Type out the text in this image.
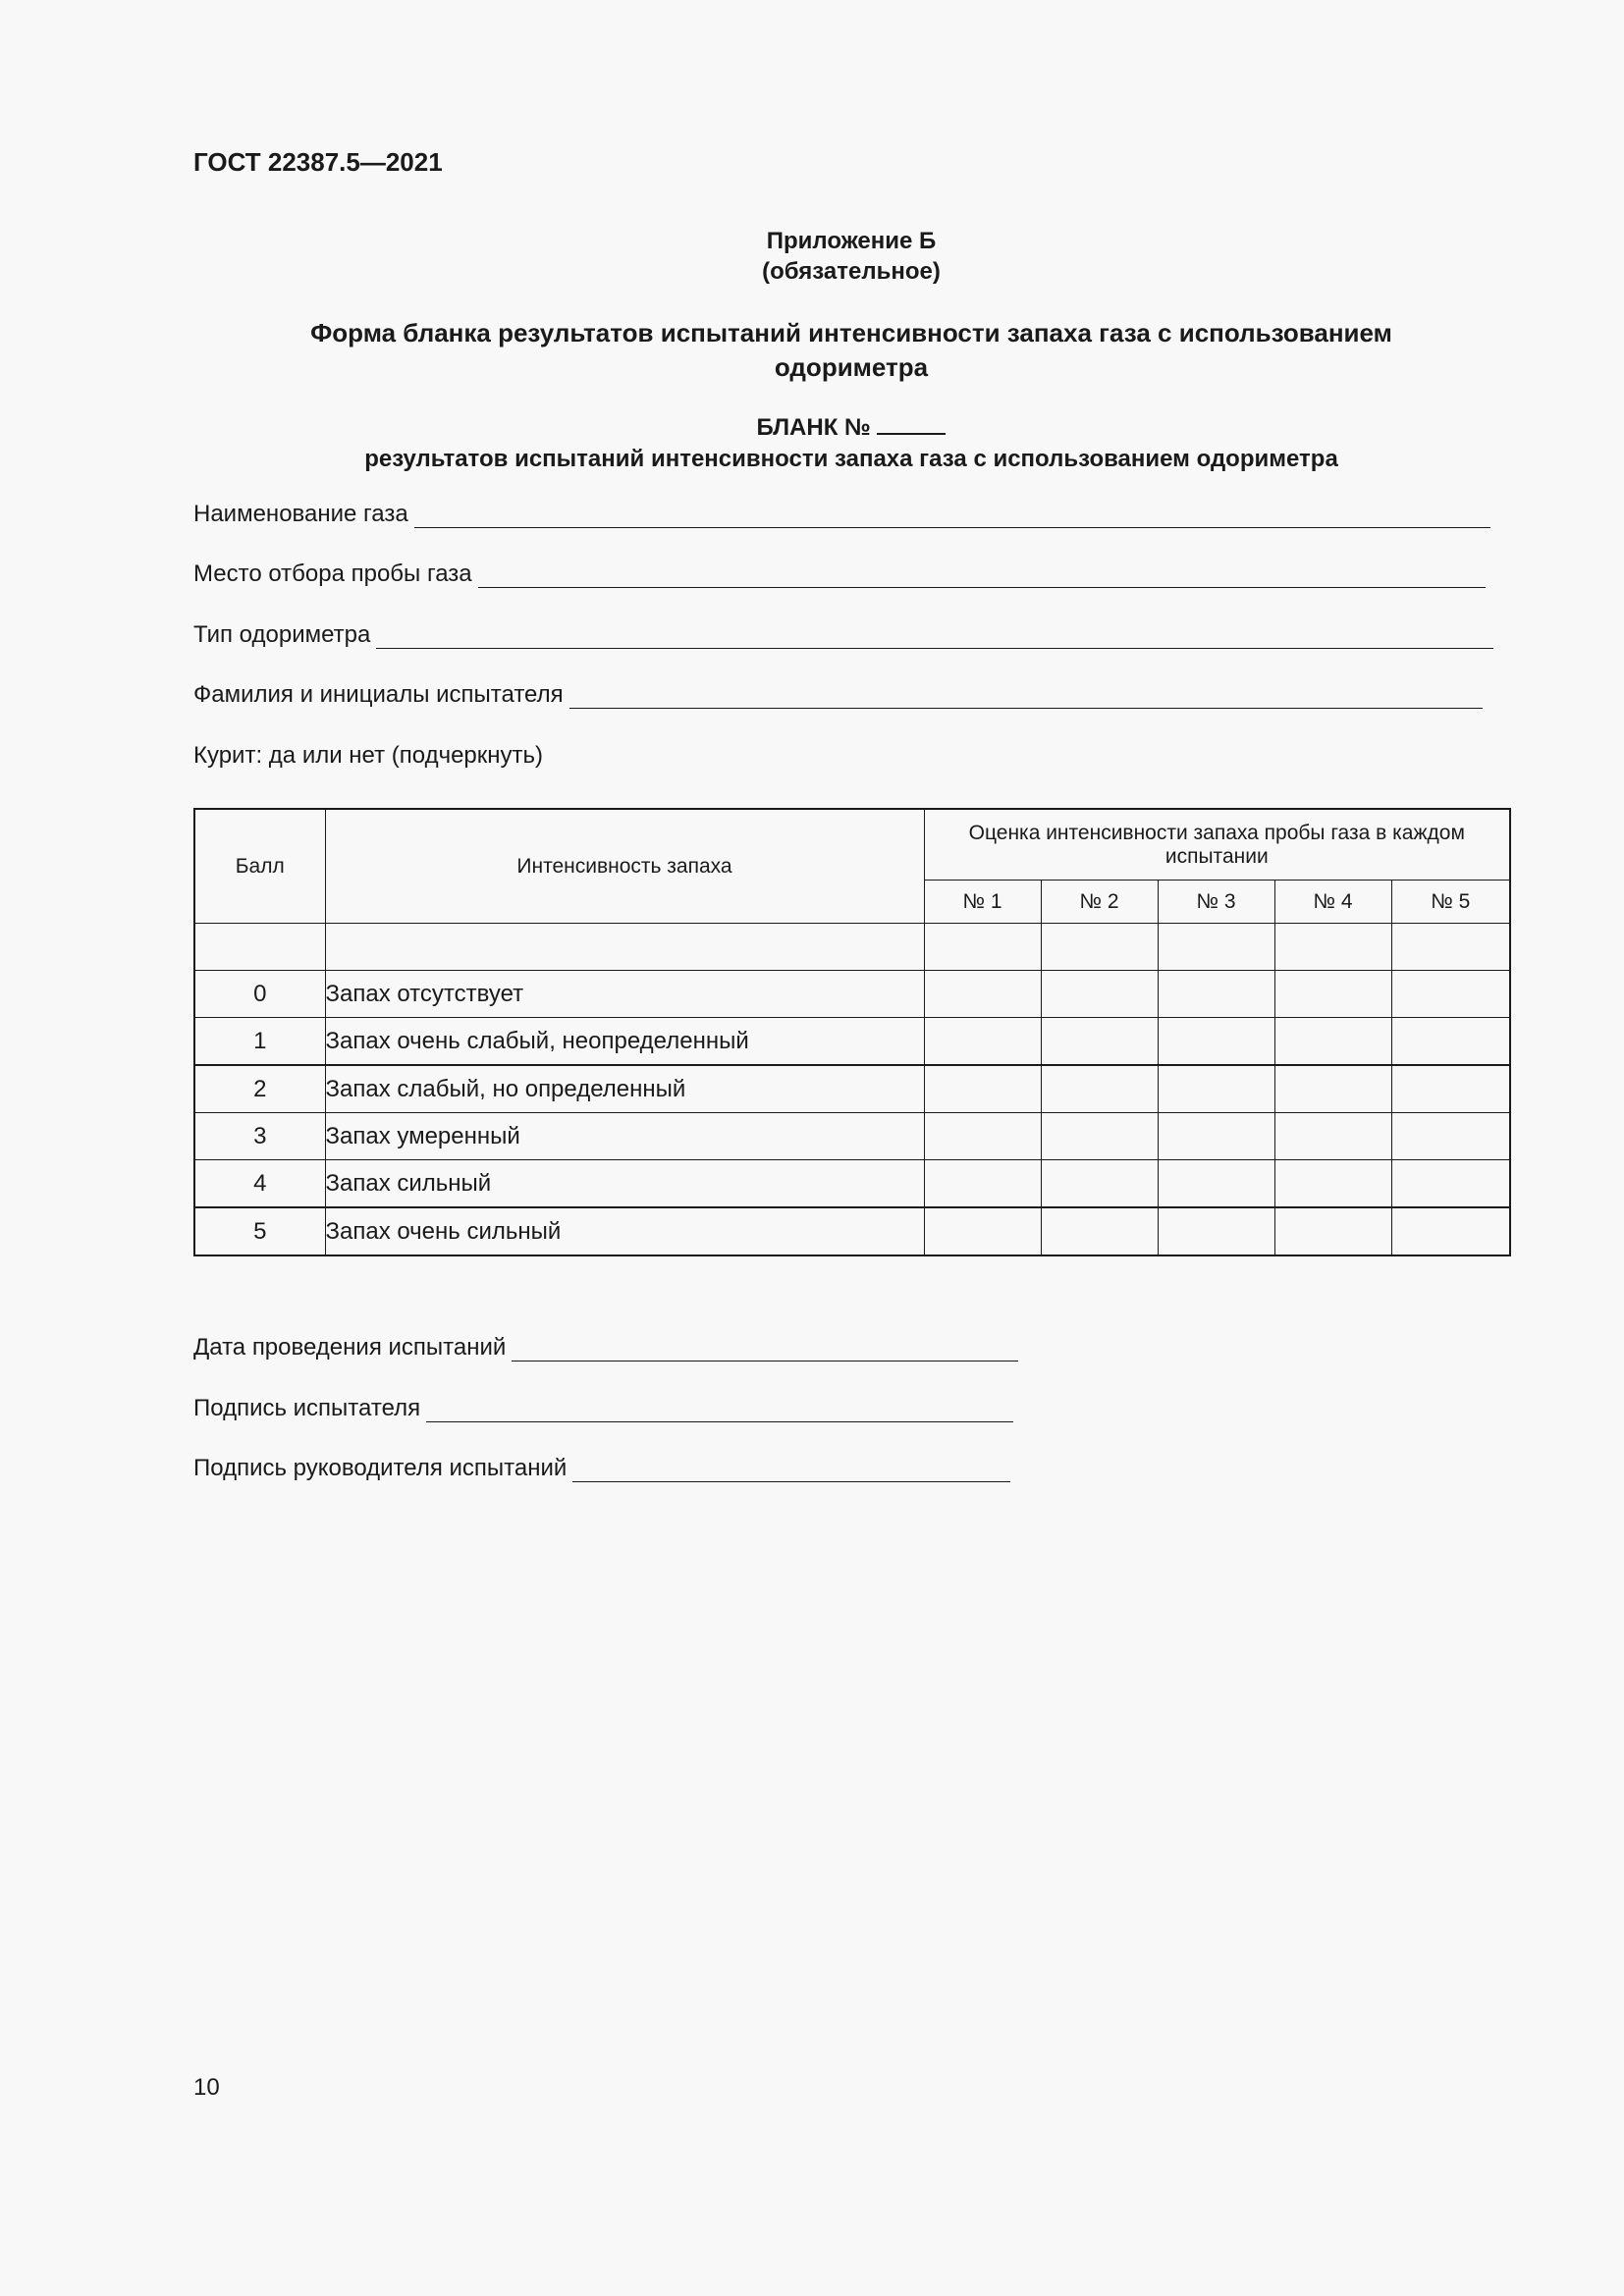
ГОСТ 22387.5—2021
Приложение Б
(обязательное)
Форма бланка результатов испытаний интенсивности запаха газа с использованием
одориметра
БЛАНК №
результатов испытаний интенсивности запаха газа с использованием одориметра
Наименование газа
Место отбора пробы газа
Тип одориметра
Фамилия и инициалы испытателя
Курит: да или нет (подчеркнуть)
Балл	Интенсивность запаха	Оценка интенсивности запаха пробы газа в каждом испытании				
		№ 1	№ 2	№ 3	№ 4	№ 5

0	Запах отсутствует					
1	Запах очень слабый, неопределенный					
2	Запах слабый, но определенный					
3	Запах умеренный					
4	Запах сильный					
5	Запах очень сильный					
Дата проведения испытаний
Подпись испытателя
Подпись руководителя испытаний
10
